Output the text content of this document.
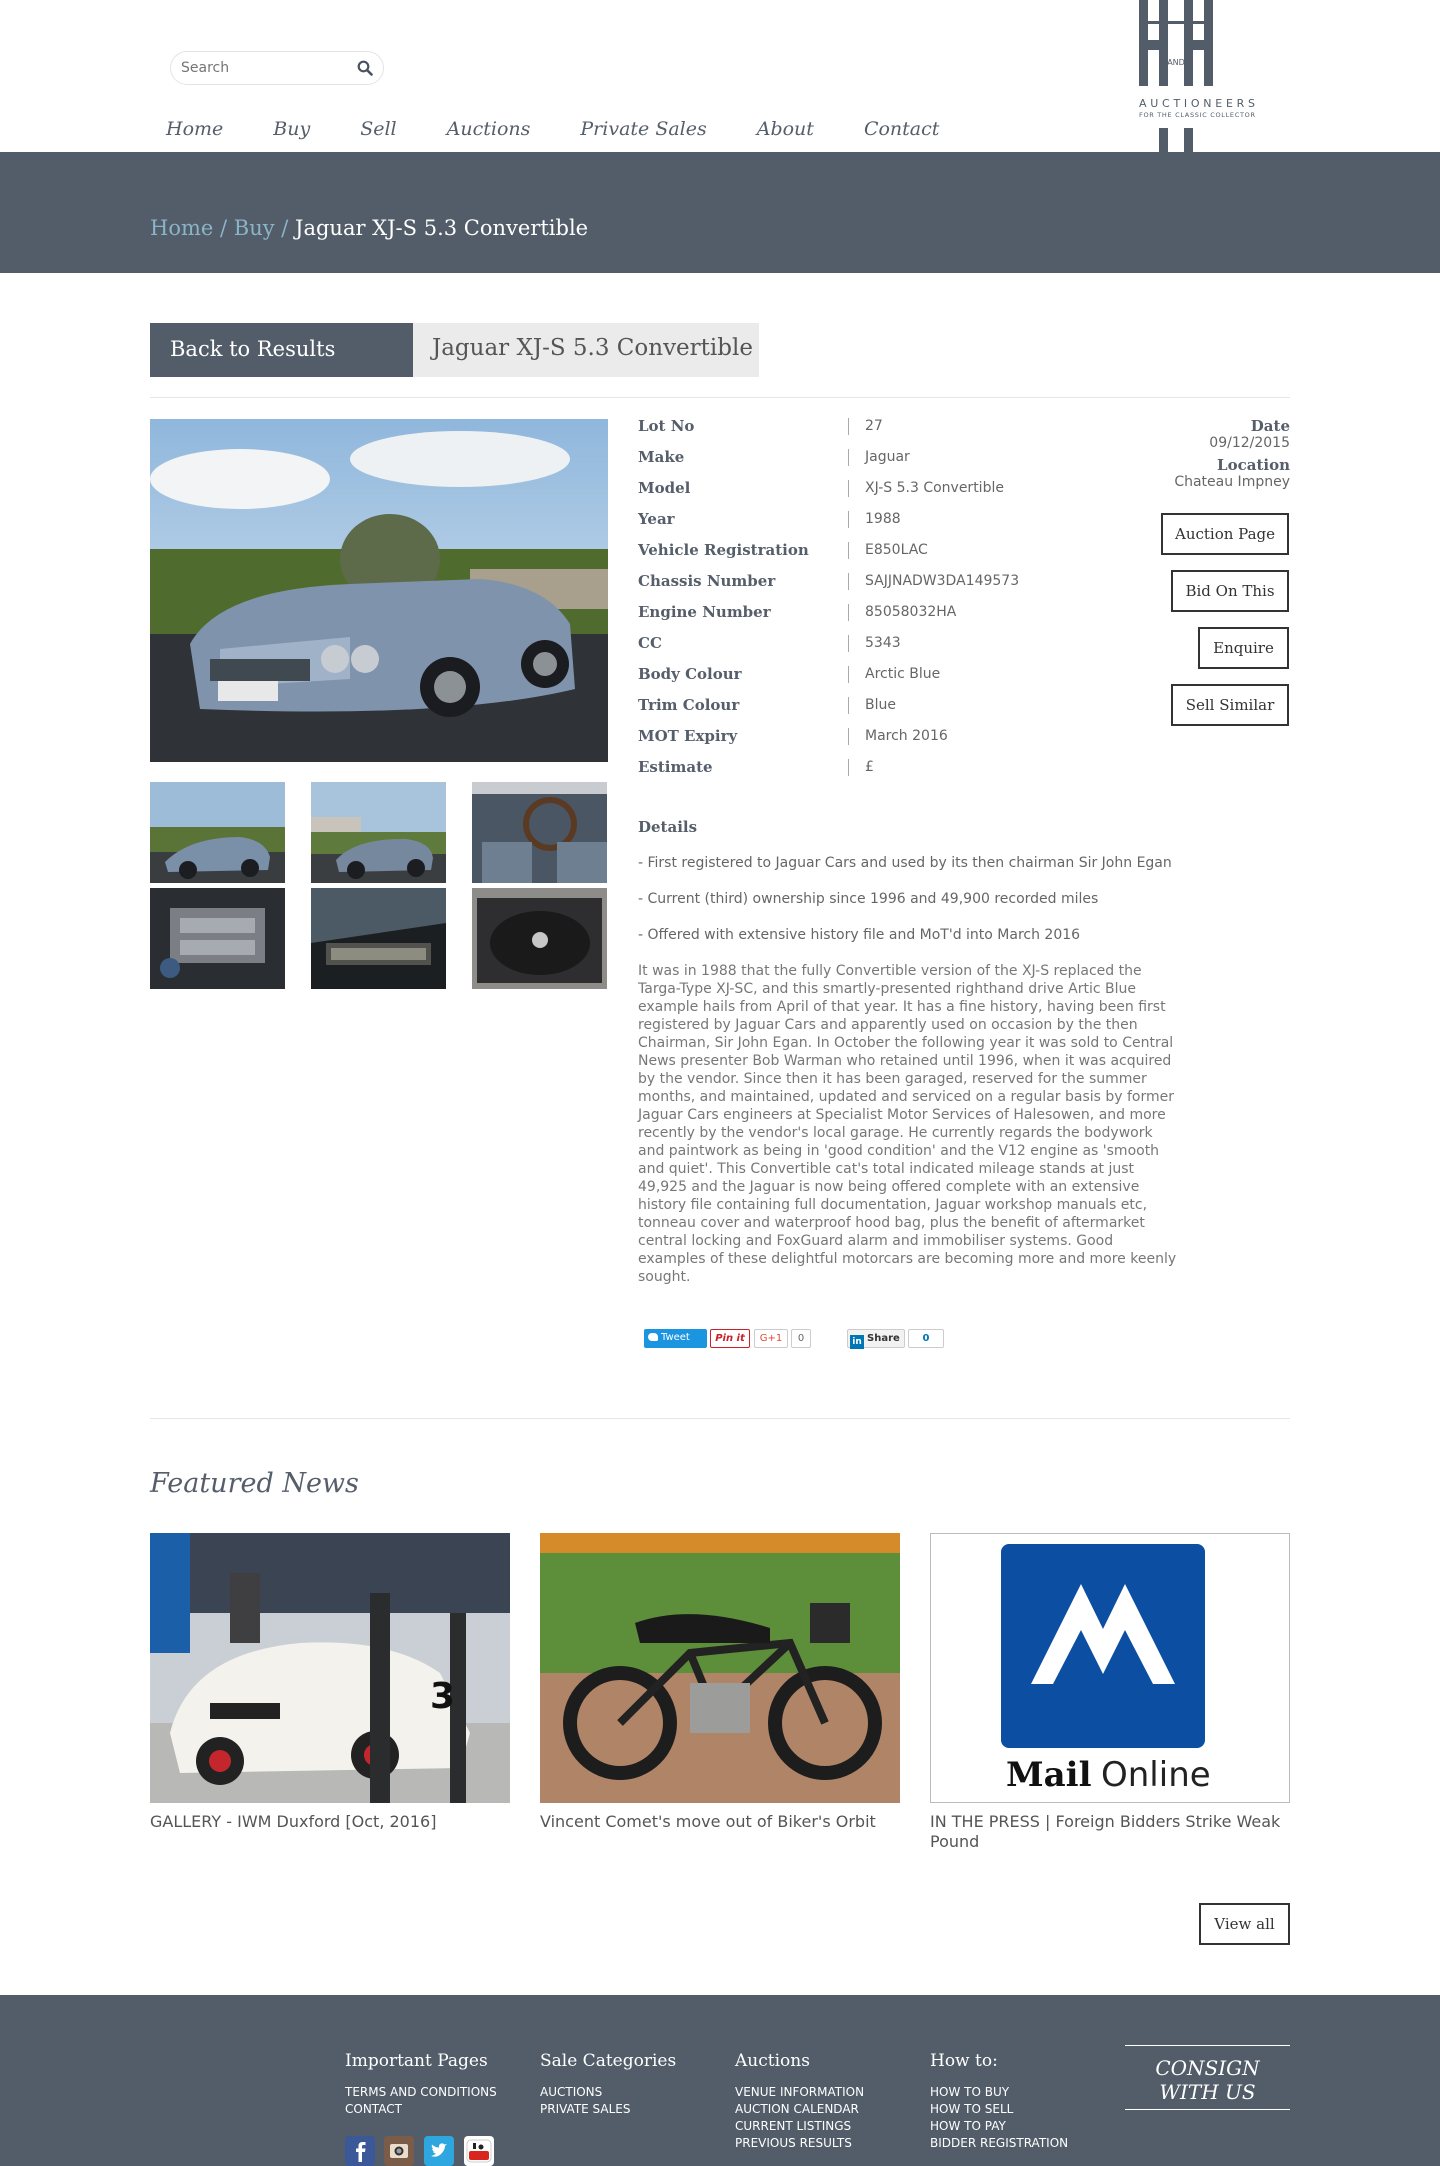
Search
Home	Buy	Sell	Auctions	Private Sales	About	Contact
AND
AUCTIONEERS
FOR THE CLASSIC COLLECTOR
Home / Buy / Jaguar XJ-S 5.3 Convertible
Back to Results	Jaguar XJ-S 5.3 Convertible
Lot No	27
Make	Jaguar
Model	XJ-S 5.3 Convertible
Year	1988
Vehicle Registration	E850LAC
Chassis Number	SAJJNADW3DA149573
Engine Number	85058032HA
CC	5343
Body Colour	Arctic Blue
Trim Colour	Blue
MOT Expiry	March 2016
Estimate	£
Date
09/12/2015
Location
Chateau Impney
Auction Page
Bid On This
Enquire
Sell Similar
Details

- First registered to Jaguar Cars and used by its then chairman Sir John Egan

- Current (third) ownership since 1996 and 49,900 recorded miles

- Offered with extensive history file and MoT'd into March 2016

It was in 1988 that the fully Convertible version of the XJ-S replaced the Targa-Type XJ-SC, and this smartly-presented righthand drive Artic Blue example hails from April of that year. It has a fine history, having been first registered by Jaguar Cars and apparently used on occasion by the then Chairman, Sir John Egan. In October the following year it was sold to Central News presenter Bob Warman who retained until 1996, when it was acquired by the vendor. Since then it has been garaged, reserved for the summer months, and maintained, updated and serviced on a regular basis by former Jaguar Cars engineers at Specialist Motor Services of Halesowen, and more recently by the vendor's local garage. He currently regards the bodywork and paintwork as being in 'good condition' and the V12 engine as 'smooth and quiet'. This Convertible cat's total indicated mileage stands at just 49,925 and the Jaguar is now being offered complete with an extensive history file containing full documentation, Jaguar workshop manuals etc, tonneau cover and waterproof hood bag, plus the benefit of aftermarket central locking and FoxGuard alarm and immobiliser systems. Good examples of these delightful motorcars are becoming more and more keenly sought.

Tweet	Pin it	G+1	0	in Share	0
Featured News
3
GALLERY - IWM Duxford [Oct, 2016]	Vincent Comet's move out of Biker's Orbit
Mail Online
IN THE PRESS | Foreign Bidders Strike Weak Pound
View all
Important Pages
TERMS AND CONDITIONS
CONTACT
Sale Categories
AUCTIONS
PRIVATE SALES
Auctions
VENUE INFORMATION
AUCTION CALENDAR
CURRENT LISTINGS
PREVIOUS RESULTS
How to:
HOW TO BUY
HOW TO SELL
HOW TO PAY
BIDDER REGISTRATION
CONSIGN WITH US
